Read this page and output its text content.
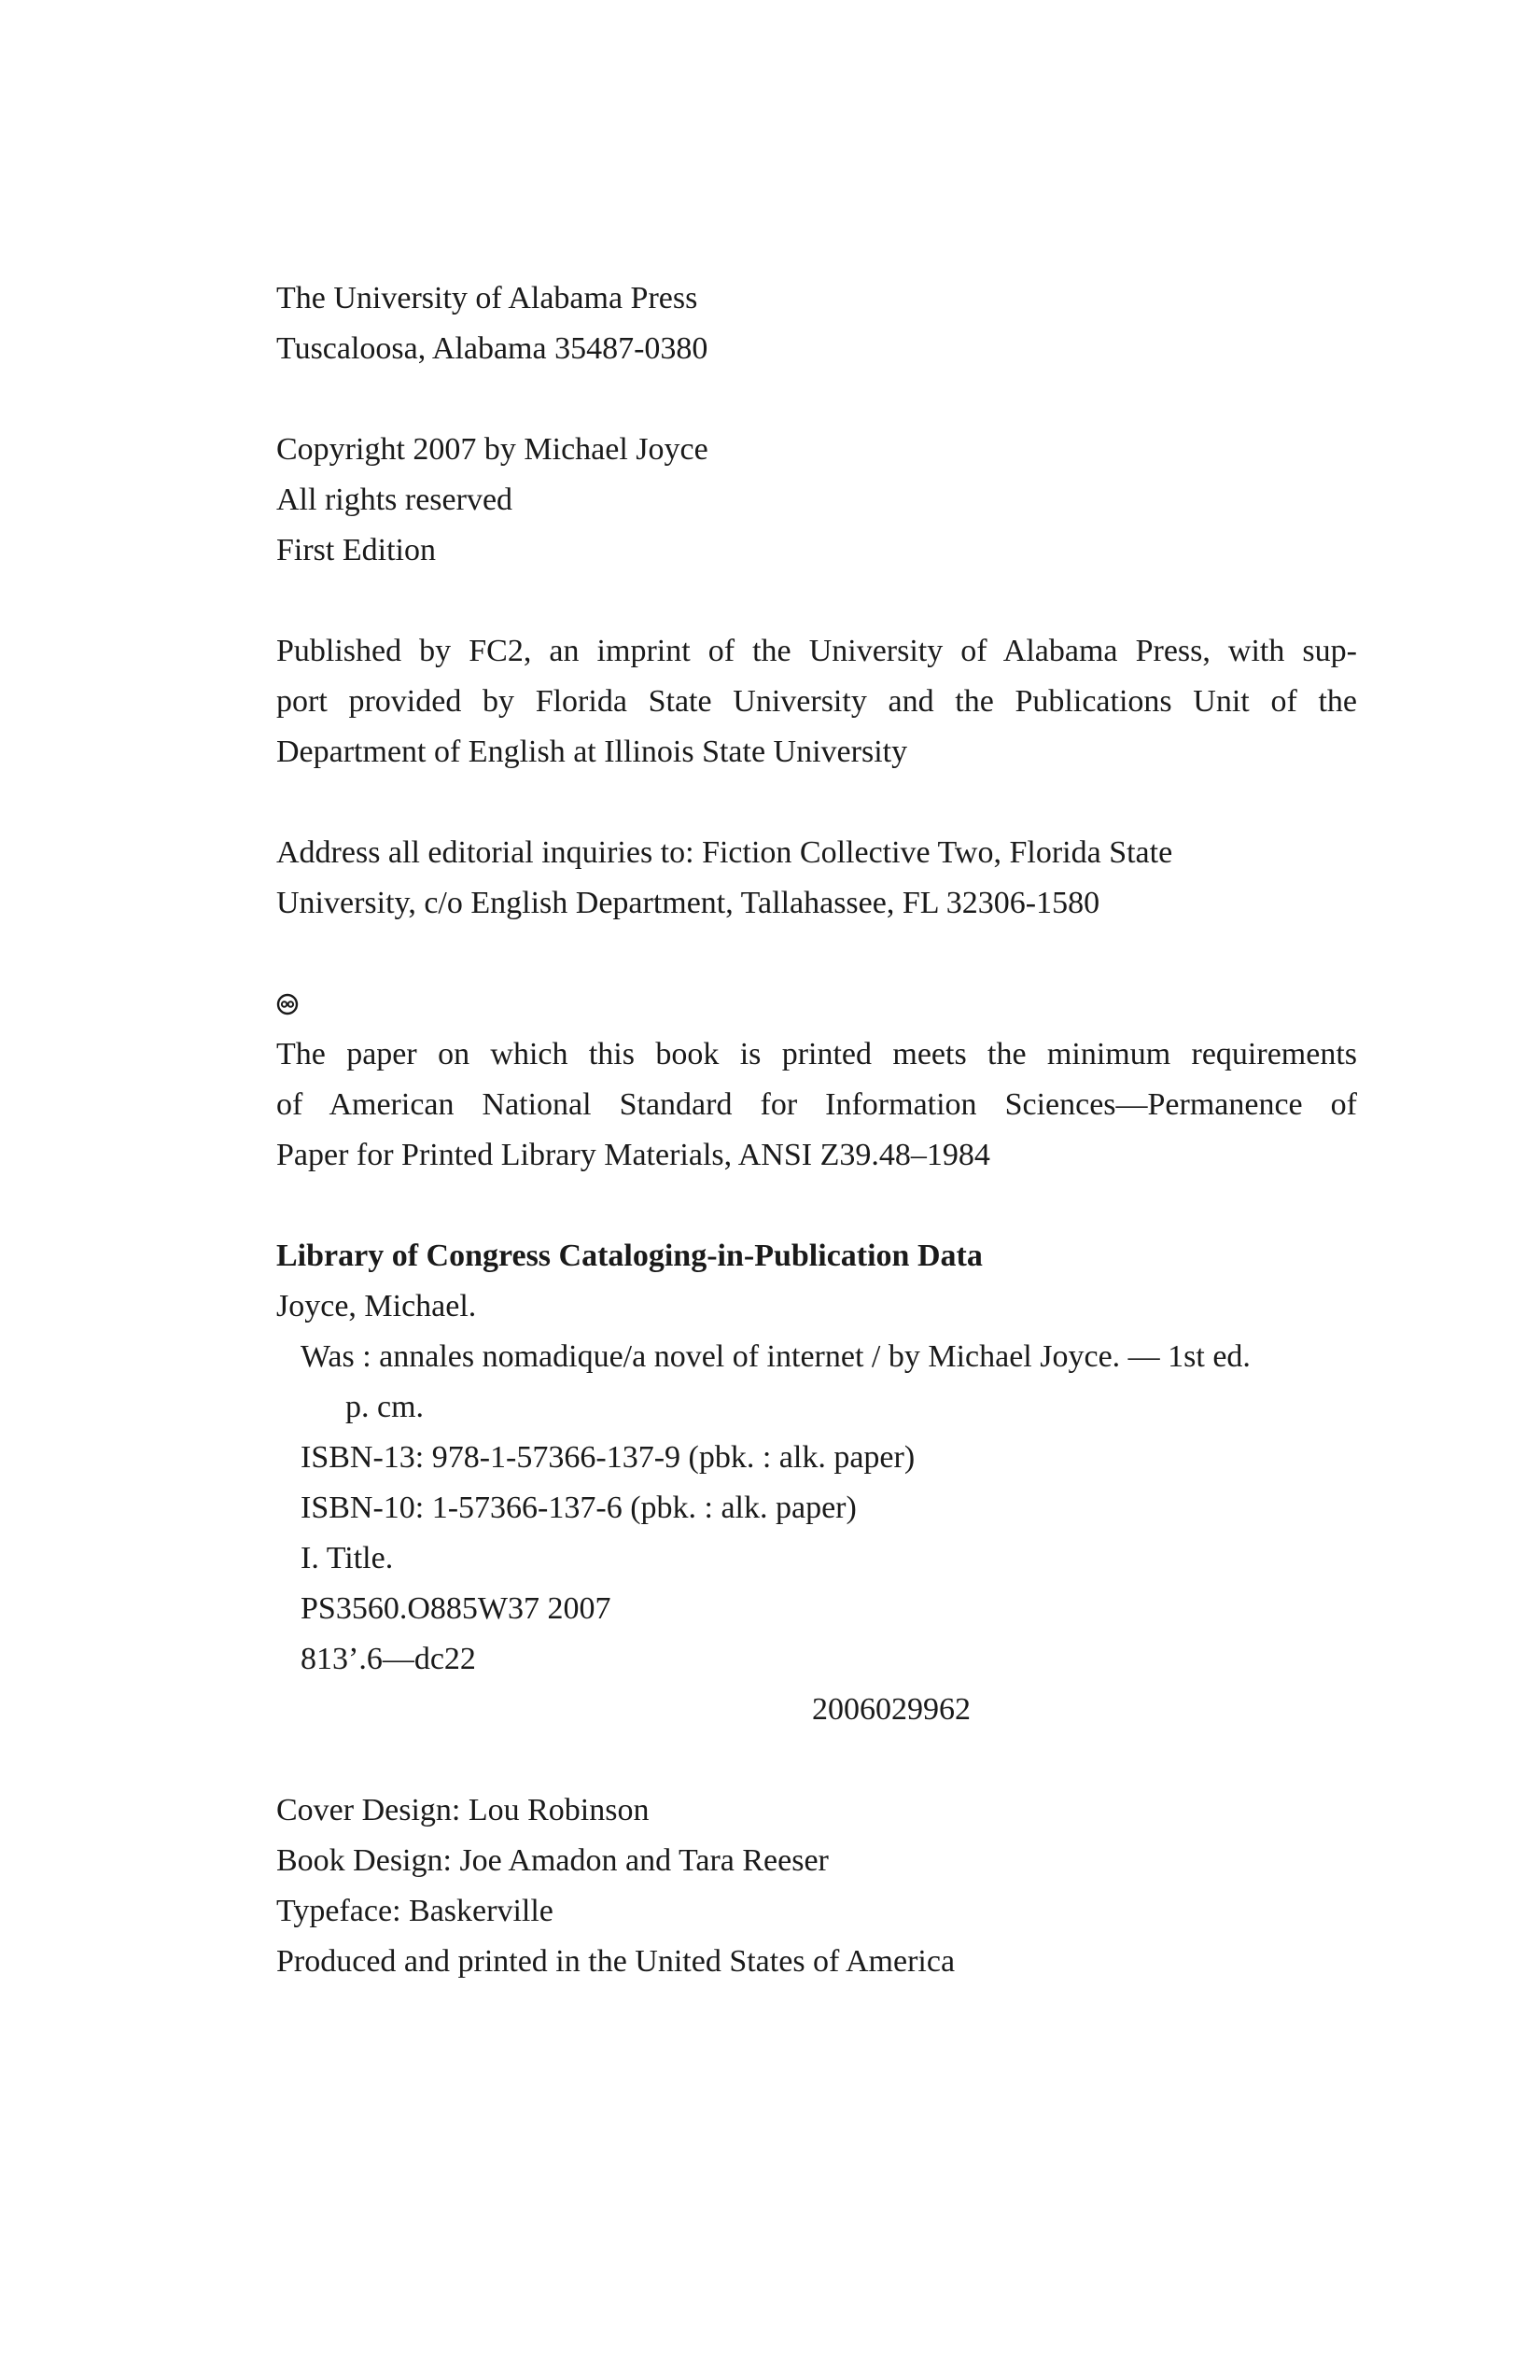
The University of Alabama Press
Tuscaloosa, Alabama 35487-0380
Copyright 2007 by Michael Joyce
All rights reserved
First Edition
Published by FC2, an imprint of the University of Alabama Press, with sup-
port provided by Florida State University and the Publications Unit of the
Department of English at Illinois State University
Address all editorial inquiries to: Fiction Collective Two, Florida State
University, c/o English Department, Tallahassee, FL 32306-1580
The paper on which this book is printed meets the minimum requirements
of American National Standard for Information Sciences—Permanence of
Paper for Printed Library Materials, ANSI Z39.48–1984
Library of Congress Cataloging-in-Publication Data
Joyce, Michael.
Was : annales nomadique/a novel of internet / by Michael Joyce. — 1st ed.
p. cm.
ISBN-13: 978-1-57366-137-9 (pbk. : alk. paper)
ISBN-10: 1-57366-137-6 (pbk. : alk. paper)
I. Title.
PS3560.O885W37 2007
813’.6—dc22
2006029962
Cover Design: Lou Robinson
Book Design: Joe Amadon and Tara Reeser
Typeface: Baskerville
Produced and printed in the United States of America
